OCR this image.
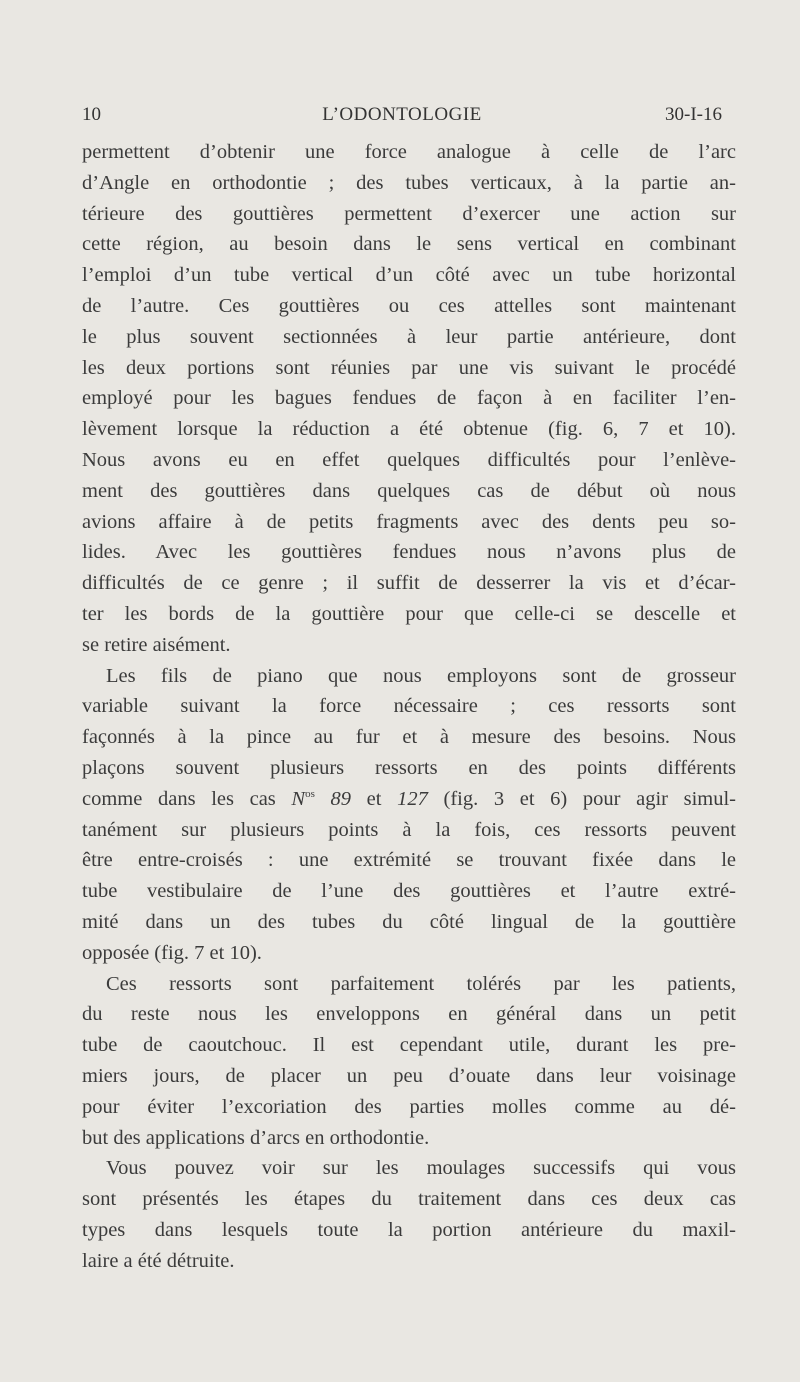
10	L’ODONTOLOGIE	30-I-16
permettent d’obtenir une force analogue à celle de l’arc
d’Angle en orthodontie ; des tubes verticaux, à la partie an-
térieure des gouttières permettent d’exercer une action sur
cette région, au besoin dans le sens vertical en combinant
l’emploi d’un tube vertical d’un côté avec un tube horizontal
de l’autre. Ces gouttières ou ces attelles sont maintenant
le plus souvent sectionnées à leur partie antérieure, dont
les deux portions sont réunies par une vis suivant le procédé
employé pour les bagues fendues de façon à en faciliter l’en-
lèvement lorsque la réduction a été obtenue (fig. 6, 7 et 10).
Nous avons eu en effet quelques difficultés pour l’enlève-
ment des gouttières dans quelques cas de début où nous
avions affaire à de petits fragments avec des dents peu so-
lides. Avec les gouttières fendues nous n’avons plus de
difficultés de ce genre ; il suffit de desserrer la vis et d’écar-
ter les bords de la gouttière pour que celle-ci se descelle et
se retire aisément.
Les fils de piano que nous employons sont de grosseur
variable suivant la force nécessaire ; ces ressorts sont
façonnés à la pince au fur et à mesure des besoins. Nous
plaçons souvent plusieurs ressorts en des points différents
comme dans les cas $N^{os}$ 89 et 127 (fig. 3 et 6) pour agir simul-
tanément sur plusieurs points à la fois, ces ressorts peuvent
être entre-croisés : une extrémité se trouvant fixée dans le
tube vestibulaire de l’une des gouttières et l’autre extré-
mité dans un des tubes du côté lingual de la gouttière
opposée (fig. 7 et 10).
Ces ressorts sont parfaitement tolérés par les patients,
du reste nous les enveloppons en général dans un petit
tube de caoutchouc. Il est cependant utile, durant les pre-
miers jours, de placer un peu d’ouate dans leur voisinage
pour éviter l’excoriation des parties molles comme au dé-
but des applications d’arcs en orthodontie.
Vous pouvez voir sur les moulages successifs qui vous
sont présentés les étapes du traitement dans ces deux cas
types dans lesquels toute la portion antérieure du maxil-
laire a été détruite.
